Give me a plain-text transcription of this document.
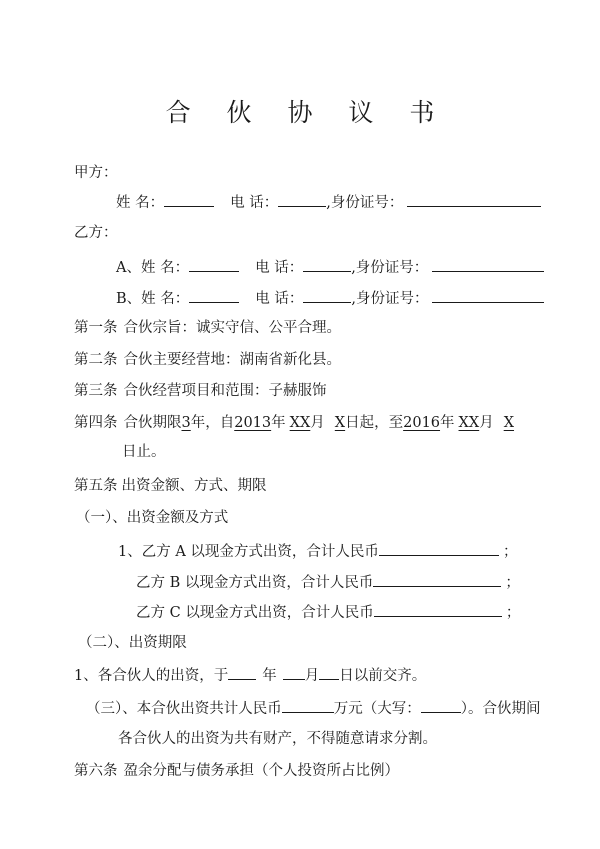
合 伙 协 议 书
甲方：
姓 名：	电 话：	,身份证号：
乙方：
A、姓 名：	电 话：	,身份证号：
B、姓 名：	电 话：	,身份证号：
第一条 合伙宗旨：诚实守信、公平合理。
第二条 合伙主要经营地：湖南省新化县。
第三条 合伙经营项目和范围：子赫服饰
第四条 合伙期限3年，自2013年 XX月 X日起，至2016年 XX月 X
日止。
第五条 出资金额、方式、期限
（一）、出资金额及方式
1、乙方 A 以现金方式出资，合计人民币	；
乙方 B 以现金方式出资，合计人民币	；
乙方 C 以现金方式出资，合计人民币	；
（二）、出资期限
1、各合伙人的出资，于 年 月 日以前交齐。
（三）、本合伙出资共计人民币	万元（大写：	）。合伙期间
各合伙人的出资为共有财产，不得随意请求分割。
第六条 盈余分配与债务承担（个人投资所占比例）
